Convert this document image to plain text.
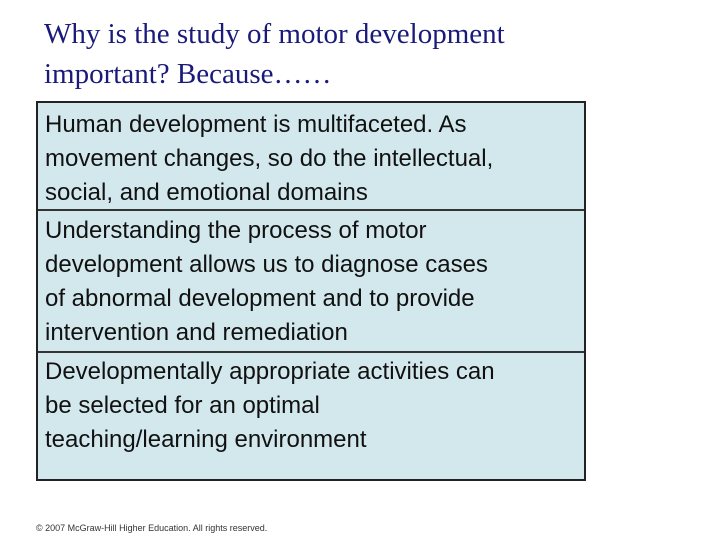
Why is the study of motor development
important? Because……
Human development is multifaceted. As
movement changes, so do the intellectual,
social, and emotional domains
Understanding the process of motor
development allows us to diagnose cases
of abnormal development and to provide
intervention and remediation
Developmentally appropriate activities can
be selected for an optimal
teaching/learning environment
© 2007 McGraw-Hill Higher Education. All rights reserved.
